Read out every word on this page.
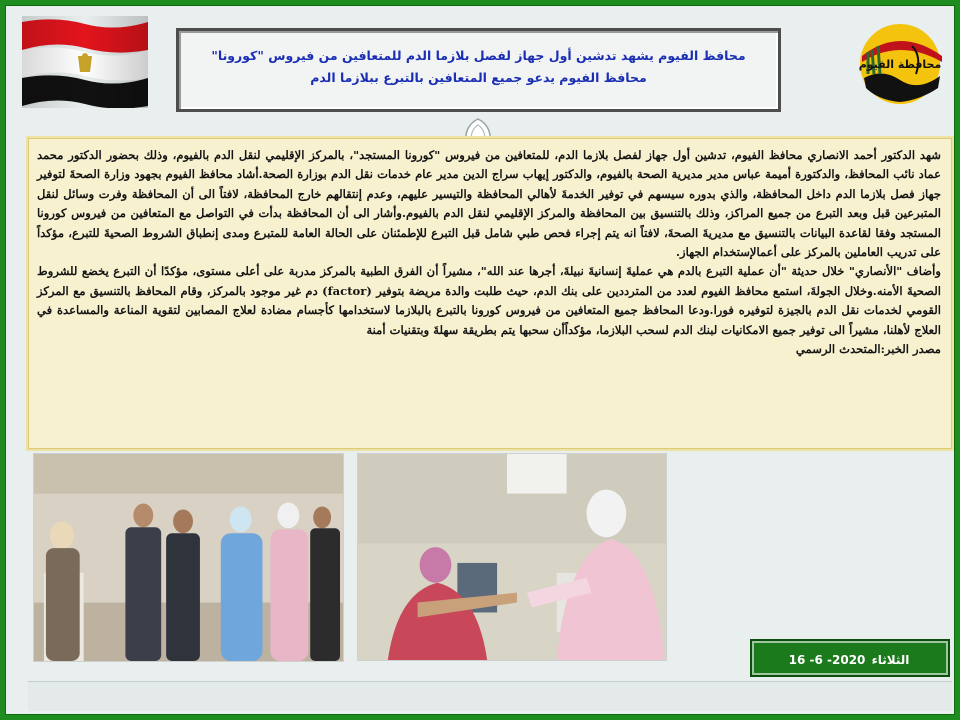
محافظة الفيوم
محافظ الفيوم يشهد تدشين أول جهاز لفصل بلازما الدم للمتعافين من فيروس "كورونا"
محافظ الفيوم يدعو جميع المتعافين بالتبرع ببلازما الدم

شهد الدكتور أحمد الانصاري محافظ الفيوم، تدشين أول جهاز لفصل بلازما الدم، للمتعافين من فيروس "كورونا المستجد"، بالمركز الإقليمي لنقل الدم بالفيوم، وذلك بحضور الدكتور محمد عماد نائب المحافظ، والدكتورة أميمة عباس مدير مديرية الصحة بالفيوم، والدكتور إيهاب سراج الدين مدير عام خدمات نقل الدم بوزارة الصحة.أشاد محافظ الفيوم بجهود وزارة الصحةَ لتوفير جهاز فصل بلازما الدم داخل المحافظة، والذي بدوره سيسهم في توفير الخدمةَ لأهالي المحافظة والتيسير عليهم، وعدم إنتقالهم خارج المحافظة، لافتاً الى أن المحافظة وفرت وسائل لنقل المتبرعين قبل وبعد التبرع من جميع المراكز، وذلك بالتنسيق بين المحافظة والمركز الإقليمي لنقل الدم بالفيوم.وأشار الى أن المحافظة بدأت في التواصل مع المتعافين من فيروس كورونا المستجد وفقا لقاعدة البيانات بالتنسيق مع مديريةَ الصحةَ، لافتاً انه يتم إجراء فحص طبي شامل قبل التبرع للإطمئنان على الحالة العامة للمتبرع ومدى إنطباق الشروط الصحيةَ للتبرع، مؤكداً على تدريب العاملين بالمركز على أعمالإستخدام الجهاز.

وأضاف "الأنصاري" خلال حديثة "أن عملية التبرع بالدم هي عمليةَ إنسانيةَ نبيلةَ، أجرها عند الله"، مشيراً أن الفرق الطبية بالمركز مدربة على أعلى مستوى، مؤكدًا أن التبرع يخضع للشروط الصحيةَ الأمنه.وخلال الجولةَ، استمع محافظ الفيوم لعدد من المترددين على بنك الدم، حيث طلبت والدة مريضة بتوفير (factor) دم غير موجود بالمركز، وقام المحافظ بالتنسيق مع المركز القومي لخدمات نقل الدم بالجيزة لتوفيره فورا.ودعا المحافظ جميع المتعافين من فيروس كورونا بالتبرع بالبلازما لاستخدامها كأجسام مضادة لعلاج المصابين لتقوية المناعة والمساعدة في العلاج لأهلنا، مشيراً الى توفير جميع الامكانيات لبنك الدم لسحب البلازما، مؤكداًأن سحبها يتم بطريقة سهلةَ وبتقنيات أمنة

مصدر الخبر:المتحدث الرسمي

الثلاثاء 16 -6 -2020
